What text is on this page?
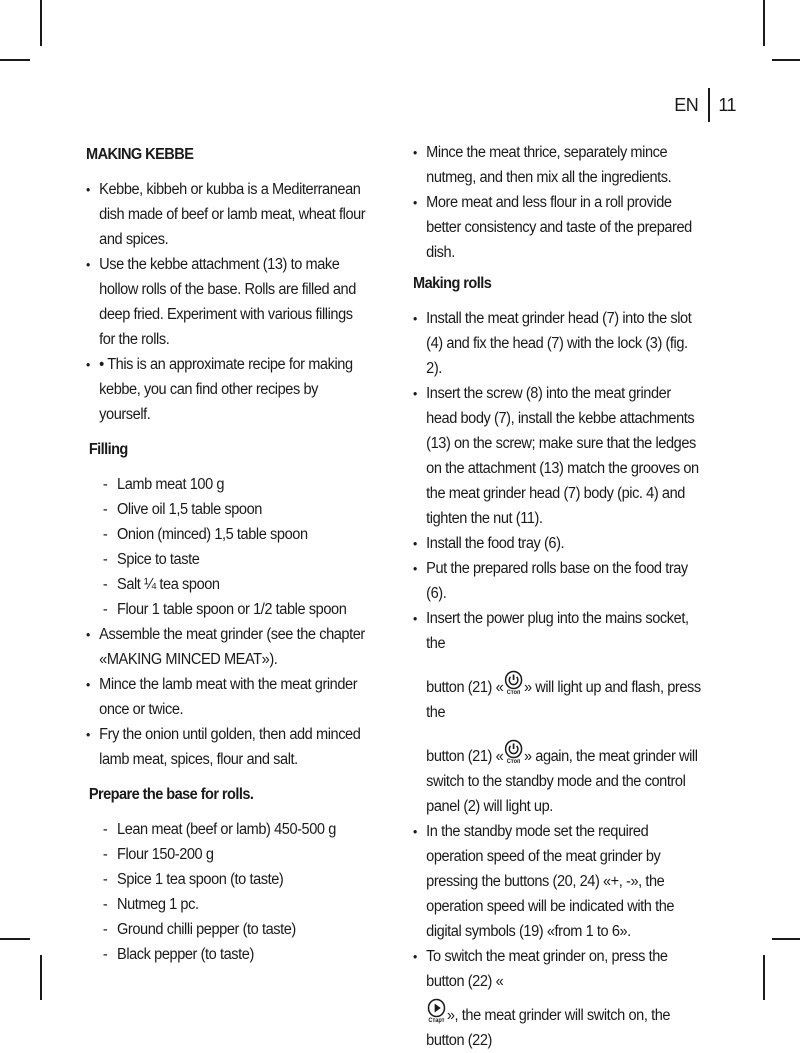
EN 11
MAKING KEBBE
• Kebbe, kibbeh or kubba is a Mediterranean dish made of beef or lamb meat, wheat flour and spices.
• Use the kebbe attachment (13) to make hollow rolls of the base. Rolls are filled and deep fried. Experiment with various fillings for the rolls.
• • This is an approximate recipe for making kebbe, you can find other recipes by yourself.
Filling
- Lamb meat 100 g
- Olive oil 1,5 table spoon
- Onion (minced) 1,5 table spoon
- Spice to taste
- Salt ¼ tea spoon
- Flour 1 table spoon or 1/2 table spoon
• Assemble the meat grinder (see the chapter «MAKING MINCED MEAT»).
• Mince the lamb meat with the meat grinder once or twice.
• Fry the onion until golden, then add minced lamb meat, spices, flour and salt.
Prepare the base for rolls.
- Lean meat (beef or lamb) 450-500 g
- Flour 150-200 g
- Spice 1 tea spoon (to taste)
- Nutmeg 1 pc.
- Ground chilli pepper (to taste)
- Black pepper (to taste)
• Mince the meat thrice, separately mince nutmeg, and then mix all the ingredients.
• More meat and less flour in a roll provide better consistency and taste of the prepared dish.
Making rolls
• Install the meat grinder head (7) into the slot (4) and fix the head (7) with the lock (3) (fig. 2).
• Insert the screw (8) into the meat grinder head body (7), install the kebbe attachments (13) on the screw; make sure that the ledges on the attachment (13) match the grooves on the meat grinder head (7) body (pic. 4) and tighten the nut (11).
• Install the food tray (6).
• Put the prepared rolls base on the food tray (6).
• Insert the power plug into the mains socket, the
button (21) « Стоп » will light up and flash, press the
button (21) « Стоп » again, the meat grinder will switch to the standby mode and the control panel (2) will light up.
• In the standby mode set the required operation speed of the meat grinder by pressing the buttons (20, 24) «+, -», the operation speed will be indicated with the digital symbols (19) «from 1 to 6».
• To switch the meat grinder on, press the button (22) «

Старт », the meat grinder will switch on, the button (22)
